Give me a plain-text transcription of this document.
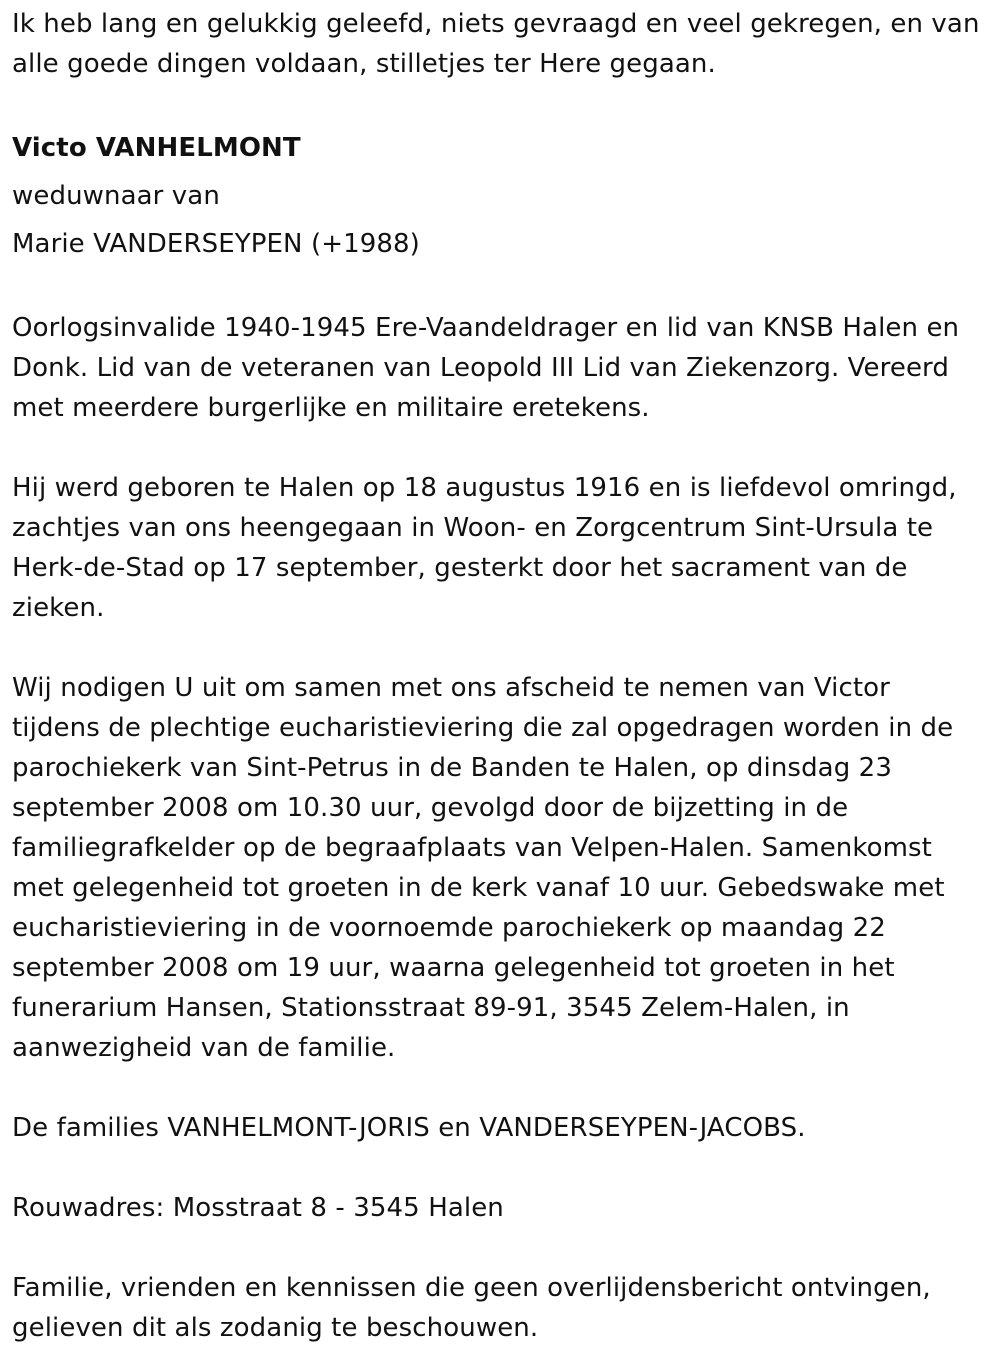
Ik heb lang en gelukkig geleefd, niets gevraagd en veel gekregen, en van

alle goede dingen voldaan, stilletjes ter Here gegaan.

Victo VANHELMONT

weduwnaar van

Marie VANDERSEYPEN (+1988)

Oorlogsinvalide 1940-1945 Ere-Vaandeldrager en lid van KNSB Halen en

Donk. Lid van de veteranen van Leopold III Lid van Ziekenzorg. Vereerd

met meerdere burgerlijke en militaire eretekens.

Hij werd geboren te Halen op 18 augustus 1916 en is liefdevol omringd,

zachtjes van ons heengegaan in Woon- en Zorgcentrum Sint-Ursula te

Herk-de-Stad op 17 september, gesterkt door het sacrament van de

zieken.

Wij nodigen U uit om samen met ons afscheid te nemen van Victor

tijdens de plechtige eucharistieviering die zal opgedragen worden in de

parochiekerk van Sint-Petrus in de Banden te Halen, op dinsdag 23

september 2008 om 10.30 uur, gevolgd door de bijzetting in de

familiegrafkelder op de begraafplaats van Velpen-Halen. Samenkomst

met gelegenheid tot groeten in de kerk vanaf 10 uur. Gebedswake met

eucharistieviering in de voornoemde parochiekerk op maandag 22

september 2008 om 19 uur, waarna gelegenheid tot groeten in het

funerarium Hansen, Stationsstraat 89-91, 3545 Zelem-Halen, in

aanwezigheid van de familie.

De families VANHELMONT-JORIS en VANDERSEYPEN-JACOBS.

Rouwadres: Mosstraat 8 - 3545 Halen

Familie, vrienden en kennissen die geen overlijdensbericht ontvingen,

gelieven dit als zodanig te beschouwen.
